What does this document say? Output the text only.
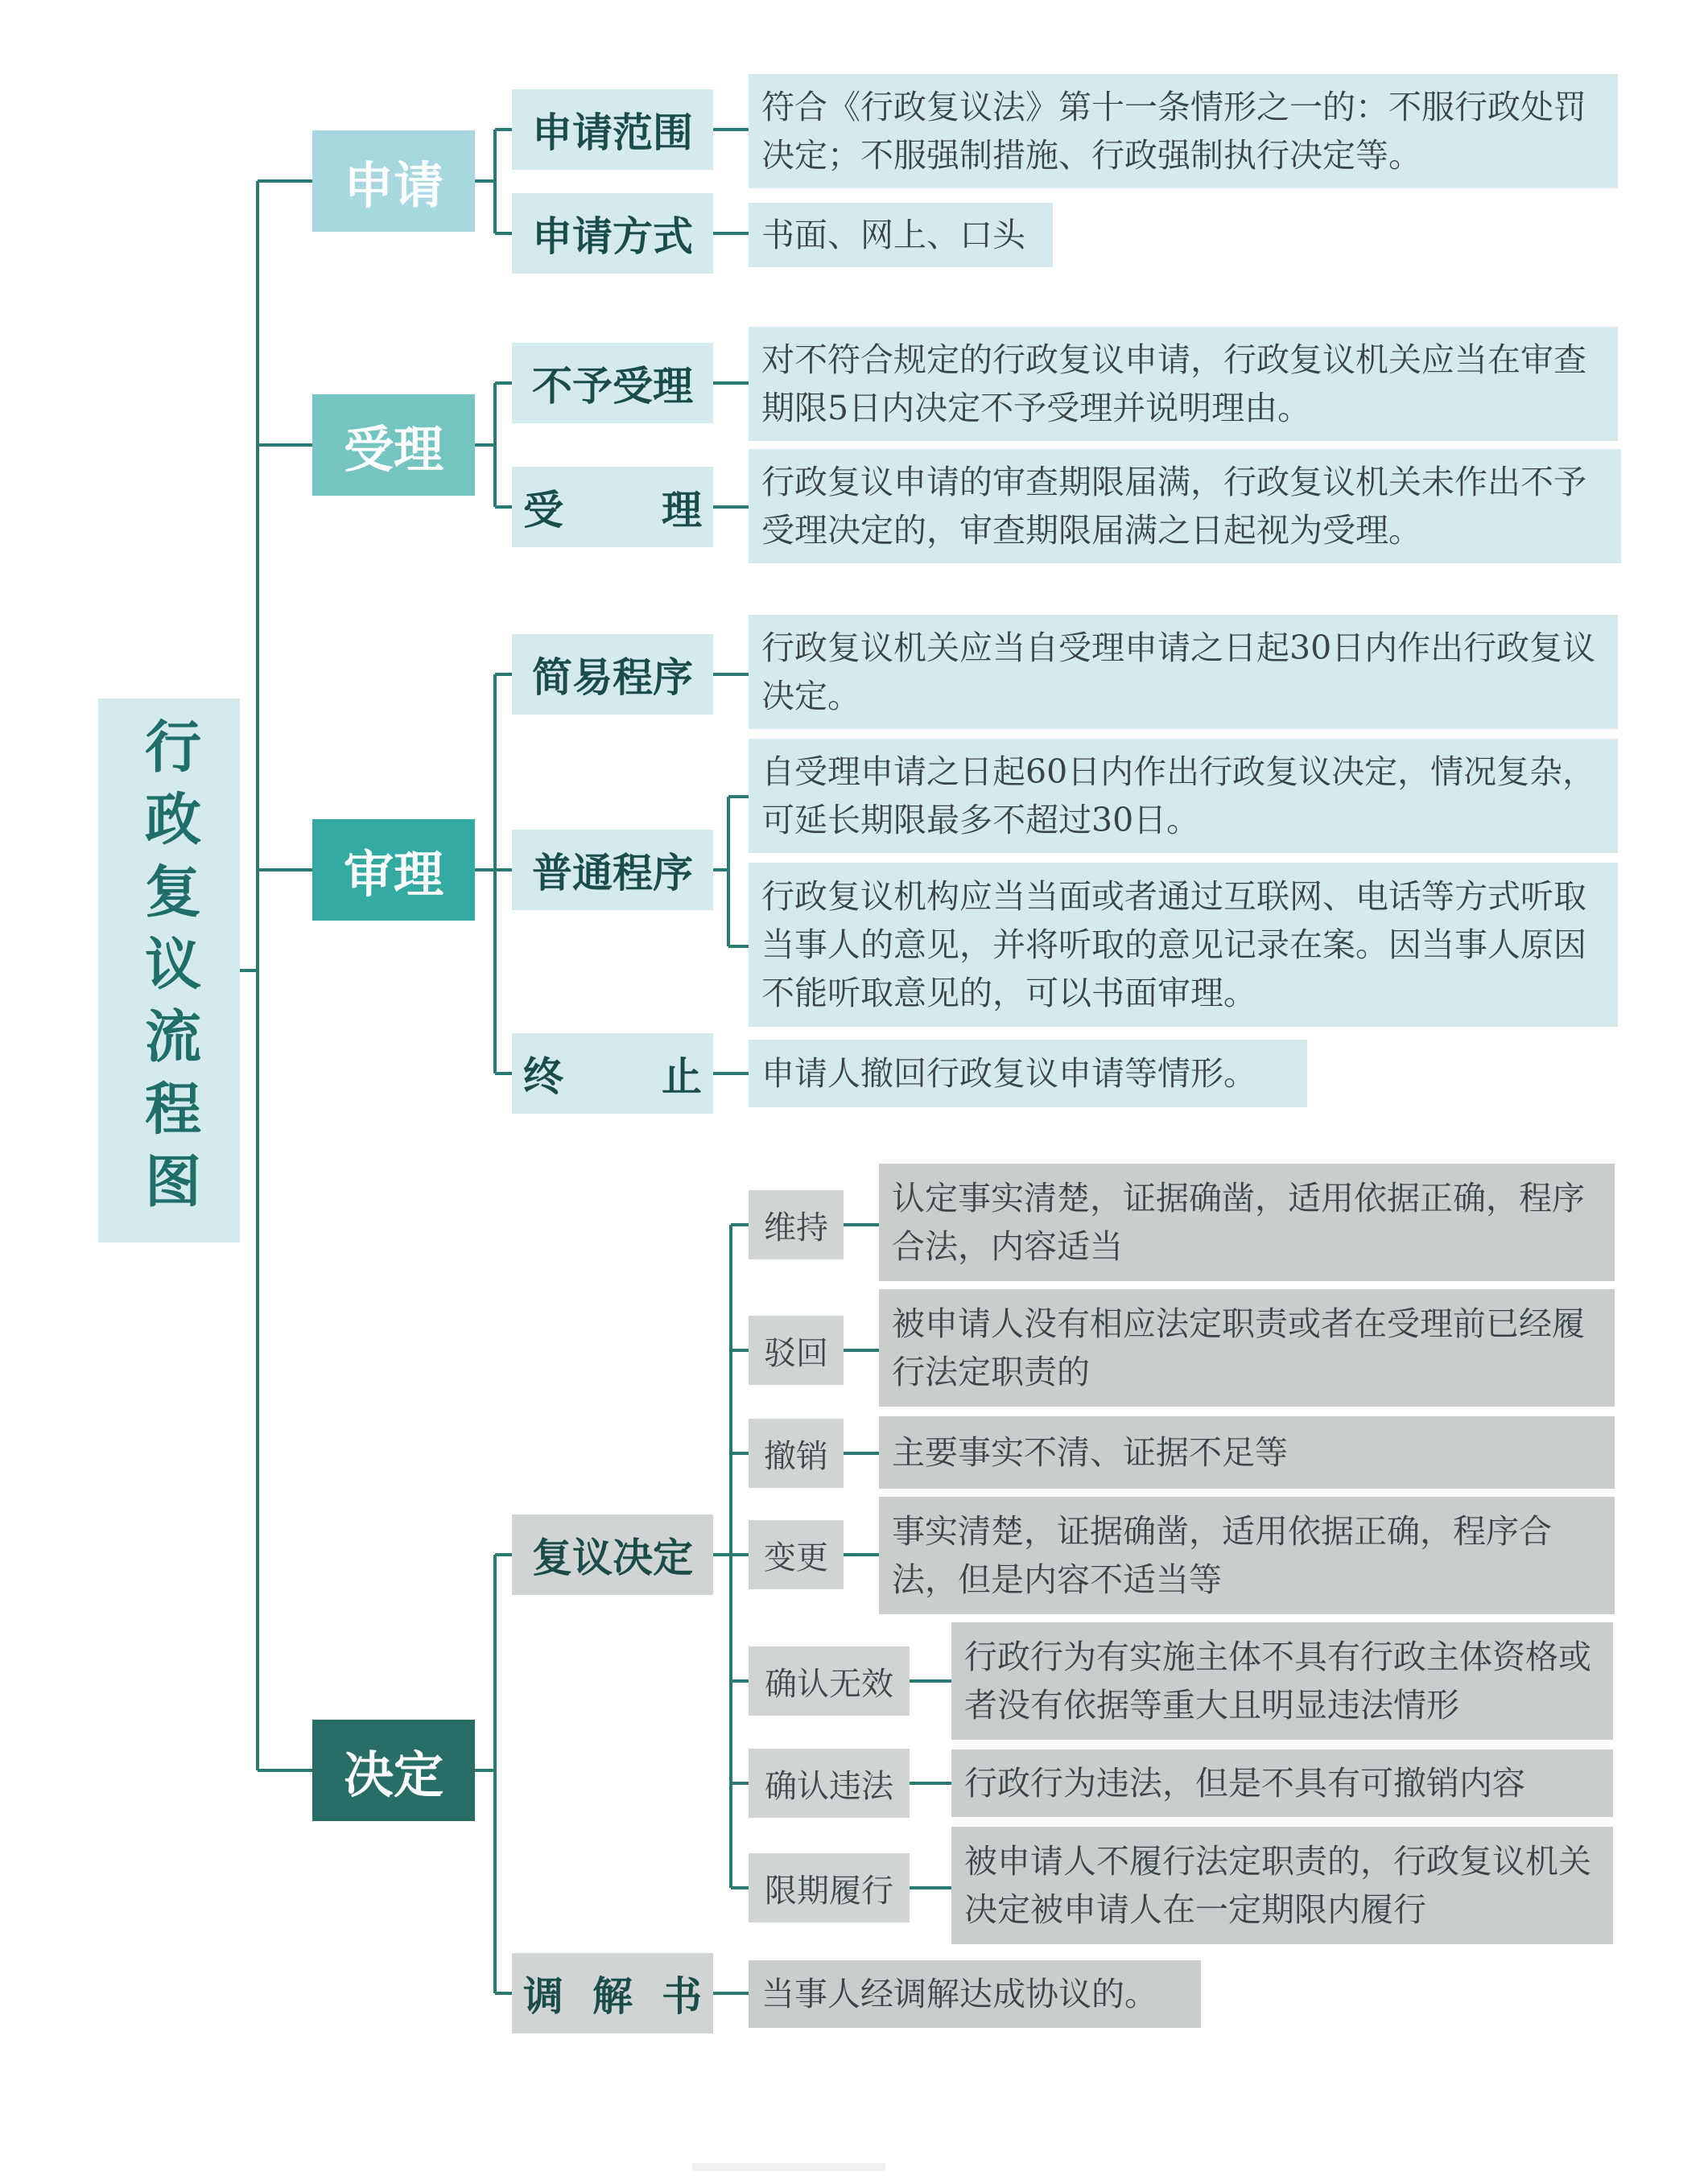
行政复议流程图
申请
受理
审理
决定
申请范围
符合《行政复议法》第十一条情形之一的：不服行政处罚决定；不服强制措施、行政强制执行决定等。
申请方式	书面、网上、口头
不予受理
对不符合规定的行政复议申请，行政复议机关应当在审查期限5日内决定不予受理并说明理由。
受 理
行政复议申请的审查期限届满，行政复议机关未作出不予受理决定的，审查期限届满之日起视为受理。
简易程序
行政复议机关应当自受理申请之日起30日内作出行政复议决定。
普通程序
自受理申请之日起60日内作出行政复议决定，情况复杂，可延长期限最多不超过30日。
行政复议机构应当当面或者通过互联网、电话等方式听取当事人的意见，并将听取的意见记录在案。因当事人原因不能听取意见的，可以书面审理。
终 止	申请人撤回行政复议申请等情形。
复议决定
维持
认定事实清楚，证据确凿，适用依据正确，程序合法，内容适当
驳回
被申请人没有相应法定职责或者在受理前已经履行法定职责的
撤销	主要事实不清、证据不足等
变更
事实清楚，证据确凿，适用依据正确，程序合法，但是内容不适当等
确认无效
行政行为有实施主体不具有行政主体资格或者没有依据等重大且明显违法情形
确认违法	行政行为违法，但是不具有可撤销内容
限期履行
被申请人不履行法定职责的，行政复议机关决定被申请人在一定期限内履行
调 解 书	当事人经调解达成协议的。
